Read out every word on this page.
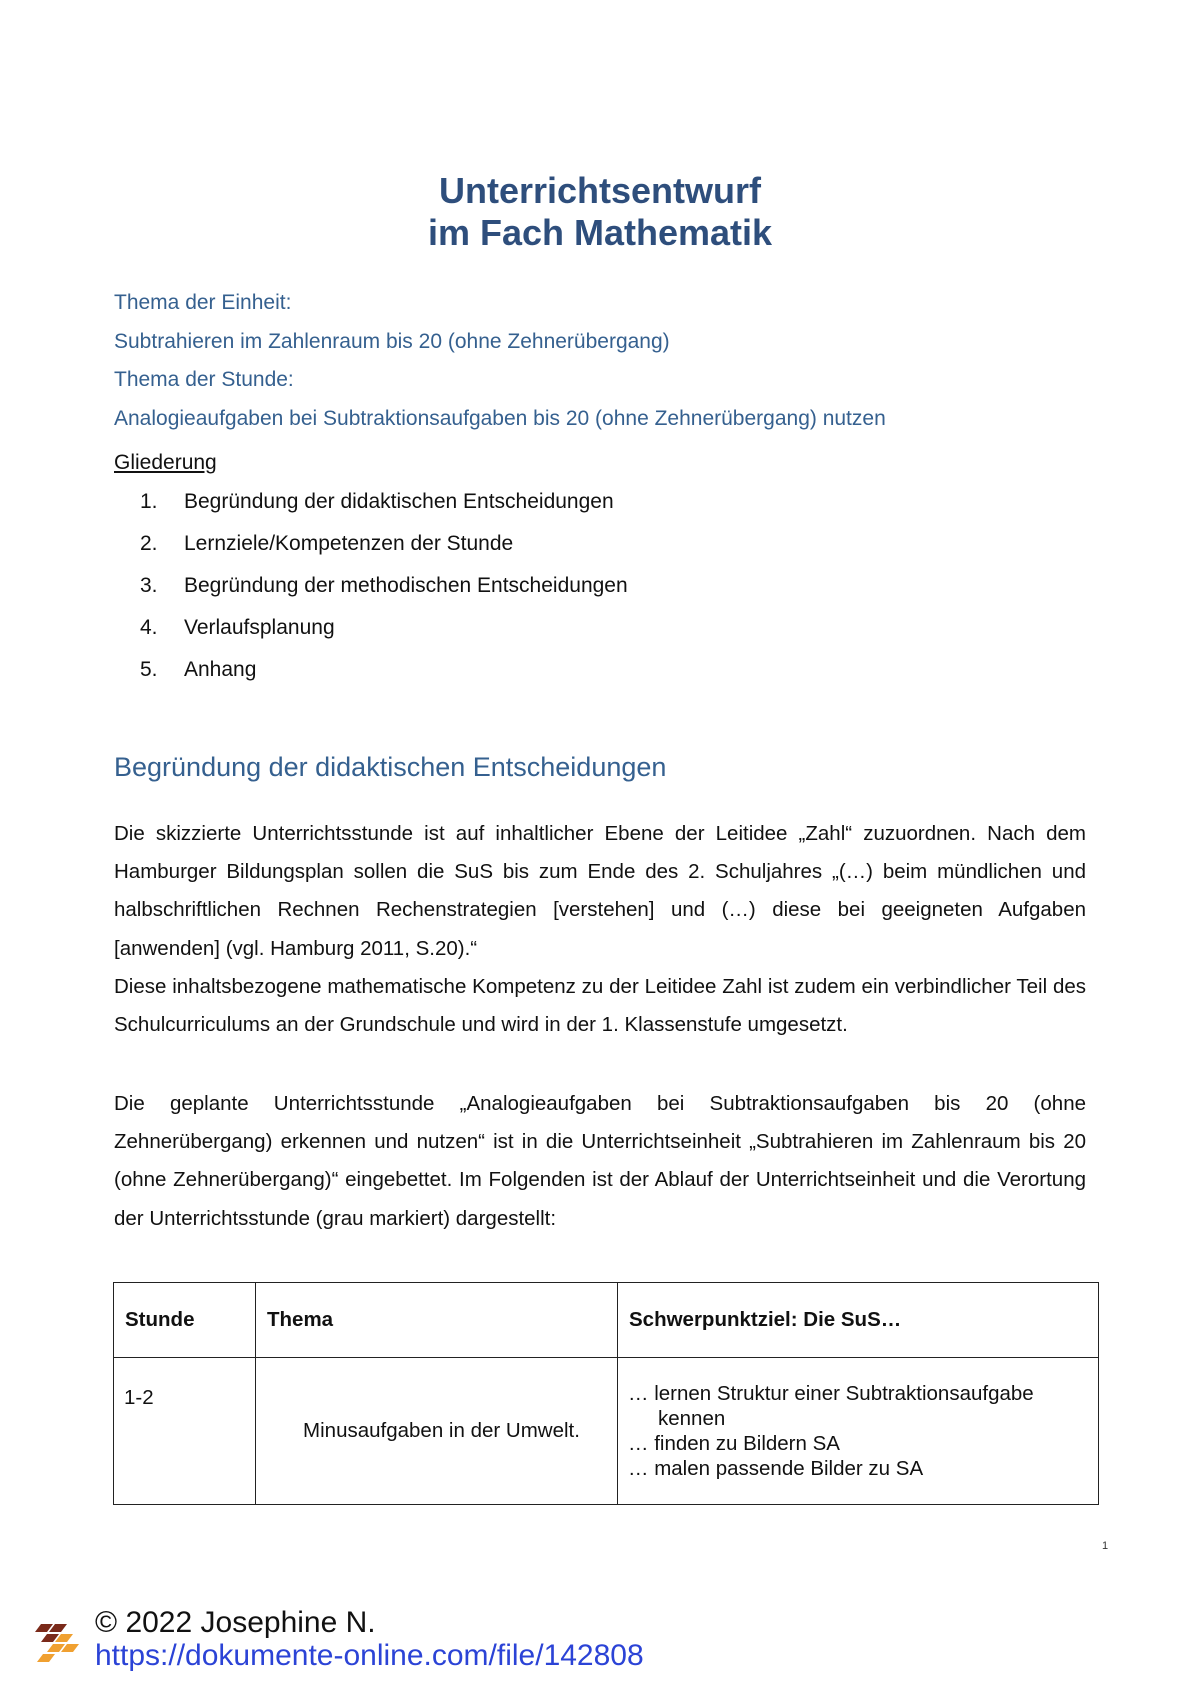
Unterrichtsentwurf
im Fach Mathematik
Thema der Einheit:
Subtrahieren im Zahlenraum bis 20 (ohne Zehnerübergang)
Thema der Stunde:
Analogieaufgaben bei Subtraktionsaufgaben bis 20 (ohne Zehnerübergang) nutzen
Gliederung
1.	Begründung der didaktischen Entscheidungen
2.	Lernziele/Kompetenzen der Stunde
3.	Begründung der methodischen Entscheidungen
4.	Verlaufsplanung
5.	Anhang
Begründung der didaktischen Entscheidungen

Die skizzierte Unterrichtsstunde ist auf inhaltlicher Ebene der Leitidee „Zahl“ zuzuordnen. Nach dem Hamburger Bildungsplan sollen die SuS bis zum Ende des 2. Schuljahres „(…) beim mündlichen und halbschriftlichen Rechnen Rechenstrategien [verstehen] und (…) diese bei geeigneten Aufgaben [anwenden] (vgl. Hamburg 2011, S.20).“

Diese inhaltsbezogene mathematische Kompetenz zu der Leitidee Zahl ist zudem ein verbindlicher Teil des Schulcurriculums an der Grundschule und wird in der 1. Klassenstufe umgesetzt.

Die geplante Unterrichtsstunde „Analogieaufgaben bei Subtraktionsaufgaben bis 20 (ohne Zehnerübergang) erkennen und nutzen“ ist in die Unterrichtseinheit „Subtrahieren im Zahlenraum bis 20 (ohne Zehnerübergang)“ eingebettet. Im Folgenden ist der Ablauf der Unterrichtseinheit und die Verortung der Unterrichtsstunde (grau markiert) dargestellt:

Stunde	Thema	Schwerpunktziel: Die SuS…
1-2	Minusaufgaben in der Umwelt.	… lernen Struktur einer Subtraktionsaufgabe
kennen
… finden zu Bildern SA
… malen passende Bilder zu SA
1
© 2022 Josephine N.
https://dokumente-online.com/file/142808
